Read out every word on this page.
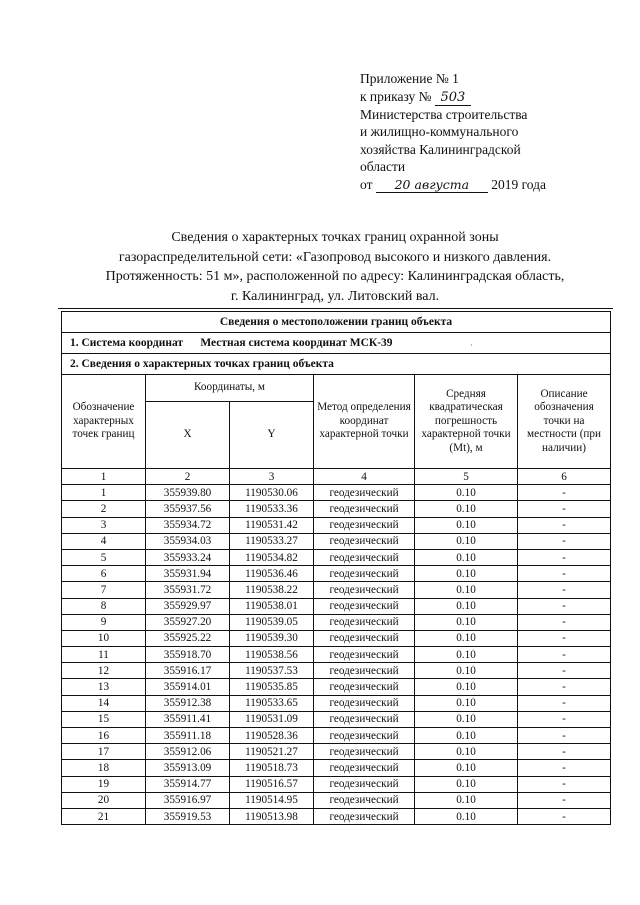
Приложение № 1
к приказу № 503
Министерства строительства
и жилищно-коммунального
хозяйства Калининградской
области
от 20 августа 2019 года
Сведения о характерных точках границ охранной зоны
газораспределительной сети: «Газопровод высокого и низкого давления.
Протяженность: 51 м», расположенной по адресу: Калининградская область,
г. Калининград, ул. Литовский вал.
˙
Сведения о местоположении границ объекта					
1. Система координат Местная система координат МСК-39					
2. Сведения о характерных точках границ объекта					
Обозначение характерных точек границ	Координаты, м		Метод определения координат характерной точки	Средняя квадратическая погрешность характерной точки (Mt), м	Описание обозначения точки на местности (при наличии)
	X	Y			
1	2	3	4	5	6
1	355939.80	1190530.06	геодезический	0.10	-
2	355937.56	1190533.36	геодезический	0.10	-
3	355934.72	1190531.42	геодезический	0.10	-
4	355934.03	1190533.27	геодезический	0.10	-
5	355933.24	1190534.82	геодезический	0.10	-
6	355931.94	1190536.46	геодезический	0.10	-
7	355931.72	1190538.22	геодезический	0.10	-
8	355929.97	1190538.01	геодезический	0.10	-
9	355927.20	1190539.05	геодезический	0.10	-
10	355925.22	1190539.30	геодезический	0.10	-
11	355918.70	1190538.56	геодезический	0.10	-
12	355916.17	1190537.53	геодезический	0.10	-
13	355914.01	1190535.85	геодезический	0.10	-
14	355912.38	1190533.65	геодезический	0.10	-
15	355911.41	1190531.09	геодезический	0.10	-
16	355911.18	1190528.36	геодезический	0.10	-
17	355912.06	1190521.27	геодезический	0.10	-
18	355913.09	1190518.73	геодезический	0.10	-
19	355914.77	1190516.57	геодезический	0.10	-
20	355916.97	1190514.95	геодезический	0.10	-
21	355919.53	1190513.98	геодезический	0.10	-
